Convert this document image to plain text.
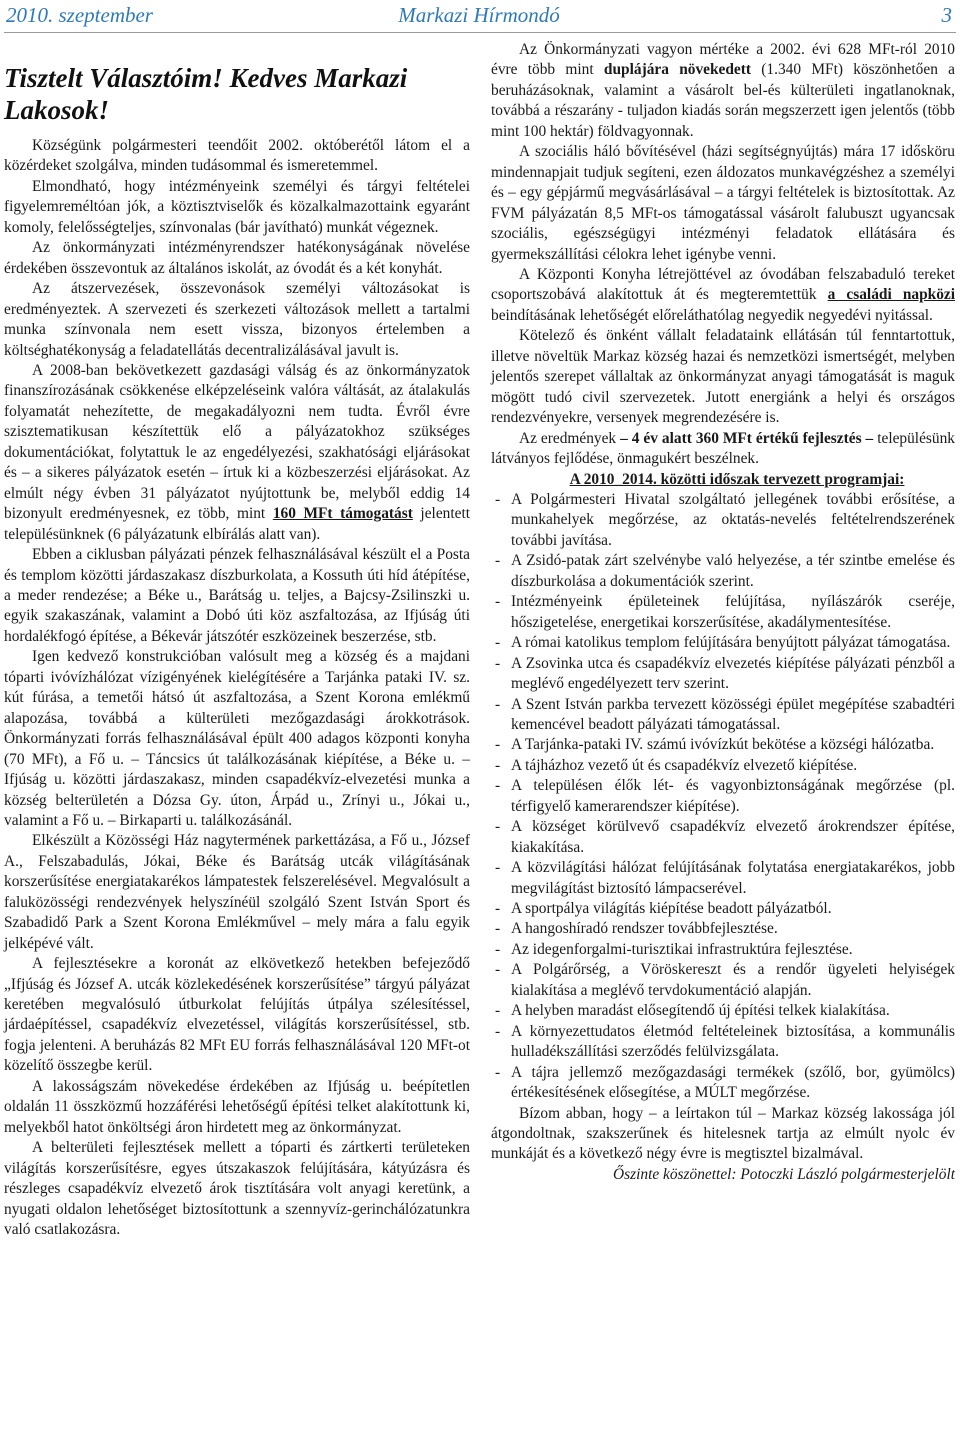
2010. szeptember	Markazi Hírmondó	3
Tisztelt Választóim! Kedves Markazi Lakosok!

Községünk polgármesteri teendőit 2002. októberétől látom el a közérdeket szolgálva, minden tudásommal és ismeretemmel.

Elmondható, hogy intézményeink személyi és tárgyi feltételei figyelemreméltóan jók, a köztisztviselők és közalkalmazottaink egyaránt komoly, felelősségteljes, színvonalas (bár javítható) munkát végeznek.

Az önkormányzati intézményrendszer hatékonyságának növelése érdekében összevontuk az általános iskolát, az óvodát és a két konyhát.

Az átszervezések, összevonások személyi változásokat is eredményeztek. A szervezeti és szerkezeti változások mellett a tartalmi munka színvonala nem esett vissza, bizonyos értelemben a költséghatékonyság a feladatellátás decentralizálásával javult is.

A 2008-ban bekövetkezett gazdasági válság és az önkormányzatok finanszírozásának csökkenése elképzeléseink valóra váltását, az átalakulás folyamatát nehezítette, de megakadályozni nem tudta. Évről évre szisztematikusan készítettük elő a pályázatokhoz szükséges dokumentációkat, folytattuk le az engedélyezési, szakhatósági eljárásokat és – a sikeres pályázatok esetén – írtuk ki a közbeszerzési eljárásokat. Az elmúlt négy évben 31 pályázatot nyújtottunk be, melyből eddig 14 bizonyult eredményesnek, ez több, mint 160 MFt támogatást jelentett településünknek (6 pályázatunk elbírálás alatt van).

Ebben a ciklusban pályázati pénzek felhasználásával készült el a Posta és templom közötti járdaszakasz díszburkolata, a Kossuth úti híd átépítése, a meder rendezése; a Béke u., Barátság u. teljes, a Bajcsy-Zsilinszki u. egyik szakaszának, valamint a Dobó úti köz aszfaltozása, az Ifjúság úti hordalékfogó építése, a Békevár játszótér eszközeinek beszerzése, stb.

Igen kedvező konstrukcióban valósult meg a község és a majdani tóparti ivóvízhálózat vízigényének kielégítésére a Tarjánka pataki IV. sz. kút fúrása, a temetői hátsó út aszfaltozása, a Szent Korona emlékmű alapozása, továbbá a külterületi mezőgazdasági árokkotrások. Önkormányzati forrás felhasználásával épült 400 adagos központi konyha (70 MFt), a Fő u. – Táncsics út találkozásának kiépítése, a Béke u. – Ifjúság u. közötti járdaszakasz, minden csapadékvíz-elvezetési munka a község belterületén a Dózsa Gy. úton, Árpád u., Zrínyi u., Jókai u., valamint a Fő u. – Birkaparti u. találkozásánál.

Elkészült a Közösségi Ház nagytermének parkettázása, a Fő u., József A., Felszabadulás, Jókai, Béke és Barátság utcák világításának korszerűsítése energiatakarékos lámpatestek felszerelésével. Megvalósult a faluközösségi rendezvények helyszínéül szolgáló Szent István Sport és Szabadidő Park a Szent Korona Emlékművel – mely mára a falu egyik jelképévé vált.

A fejlesztésekre a koronát az elkövetkező hetekben befejeződő „Ifjúság és József A. utcák közlekedésének korszerűsítése” tárgyú pályázat keretében megvalósuló útburkolat felújítás útpálya szélesítéssel, járdaépítéssel, csapadékvíz elvezetéssel, világítás korszerűsítéssel, stb. fogja jelenteni. A beruházás 82 MFt EU forrás felhasználásával 120 MFt-ot közelítő összegbe kerül.

A lakosságszám növekedése érdekében az Ifjúság u. beépítetlen oldalán 11 összközmű hozzáférési lehetőségű építési telket alakítottunk ki, melyekből hatot önköltségi áron hirdetett meg az önkormányzat.

A belterületi fejlesztések mellett a tóparti és zártkerti területeken világítás korszerűsítésre, egyes útszakaszok felújítására, kátyúzásra és részleges csapadékvíz elvezető árok tisztítására volt anyagi keretünk, a nyugati oldalon lehetőséget biztosítottunk a szennyvíz-gerinchálózatunkra való csatlakozásra.

Az Önkormányzati vagyon mértéke a 2002. évi 628 MFt-ról 2010 évre több mint duplájára növekedett (1.340 MFt) köszönhetően a beruházásoknak, valamint a vásárolt bel-és külterületi ingatlanoknak, továbbá a részarány - tuljadon kiadás során megszerzett igen jelentős (több mint 100 hektár) földvagyonnak.

A szociális háló bővítésével (házi segítségnyújtás) mára 17 idősköru mindennapjait tudjuk segíteni, ezen áldozatos munkavégzéshez a személyi és – egy gépjármű megvásárlásával – a tárgyi feltételek is biztosítottak. Az FVM pályázatán 8,5 MFt-os támogatással vásárolt falubuszt ugyancsak szociális, egészségügyi intézményi feladatok ellátására és gyermekszállítási célokra lehet igénybe venni.

A Központi Konyha létrejöttével az óvodában felszabaduló tereket csoportszobává alakítottuk át és megteremtettük a családi napközi beindításának lehetőségét előreláthatólag negyedik negyedévi nyitással.

Kötelező és önként vállalt feladataink ellátásán túl fenntartottuk, illetve növeltük Markaz község hazai és nemzetközi ismertségét, melyben jelentős szerepet vállaltak az önkormányzat anyagi támogatását is maguk mögött tudó civil szervezetek. Jutott energiánk a helyi és országos rendezvényekre, versenyek megrendezésére is.

Az eredmények – 4 év alatt 360 MFt értékű fejlesztés – településünk látványos fejlődése, önmagukért beszélnek.

A 2010_2014. közötti időszak tervezett programjai:

- A Polgármesteri Hivatal szolgáltató jellegének további erősítése, a munkahelyek megőrzése, az oktatás-nevelés feltételrendszerének további javítása.
- A Zsidó-patak zárt szelvénybe való helyezése, a tér szintbe emelése és díszburkolása a dokumentációk szerint.
- Intézményeink épületeinek felújítása, nyílászárók cseréje, hőszigetelése, energetikai korszerűsítése, akadálymentesítése.
- A római katolikus templom felújítására benyújtott pályázat támogatása.
- A Zsovinka utca és csapadékvíz elvezetés kiépítése pályázati pénzből a meglévő engedélyezett terv szerint.
- A Szent István parkba tervezett közösségi épület megépítése szabadtéri kemencével beadott pályázati támogatással.
- A Tarjánka-pataki IV. számú ivóvízkút bekötése a községi hálózatba.
- A tájházhoz vezető út és csapadékvíz elvezető kiépítése.
- A településen élők lét- és vagyonbiztonságának megőrzése (pl. térfigyelő kamerarendszer kiépítése).
- A községet körülvevő csapadékvíz elvezető árokrendszer építése, kiakakítása.
- A közvilágítási hálózat felújításának folytatása energiatakarékos, jobb megvilágítást biztosító lámpacserével.
- A sportpálya világítás kiépítése beadott pályázatból.
- A hangoshíradó rendszer továbbfejlesztése.
- Az idegenforgalmi-turisztikai infrastruktúra fejlesztése.
- A Polgárőrség, a Vöröskereszt és a rendőr ügyeleti helyiségek kialakítása a meglévő tervdokumentáció alapján.
- A helyben maradást elősegítendő új építési telkek kialakítása.
- A környezettudatos életmód feltételeinek biztosítása, a kommunális hulladékszállítási szerződés felülvizsgálata.
- A tájra jellemző mezőgazdasági termékek (szőlő, bor, gyümölcs) értékesítésének elősegítése, a MÚLT megőrzése.

Bízom abban, hogy – a leírtakon túl – Markaz község lakossága jól átgondoltnak, szakszerűnek és hitelesnek tartja az elmúlt nyolc év munkáját és a következő négy évre is megtisztel bizalmával.

Őszinte köszönettel: Potoczki László polgármesterjelölt
